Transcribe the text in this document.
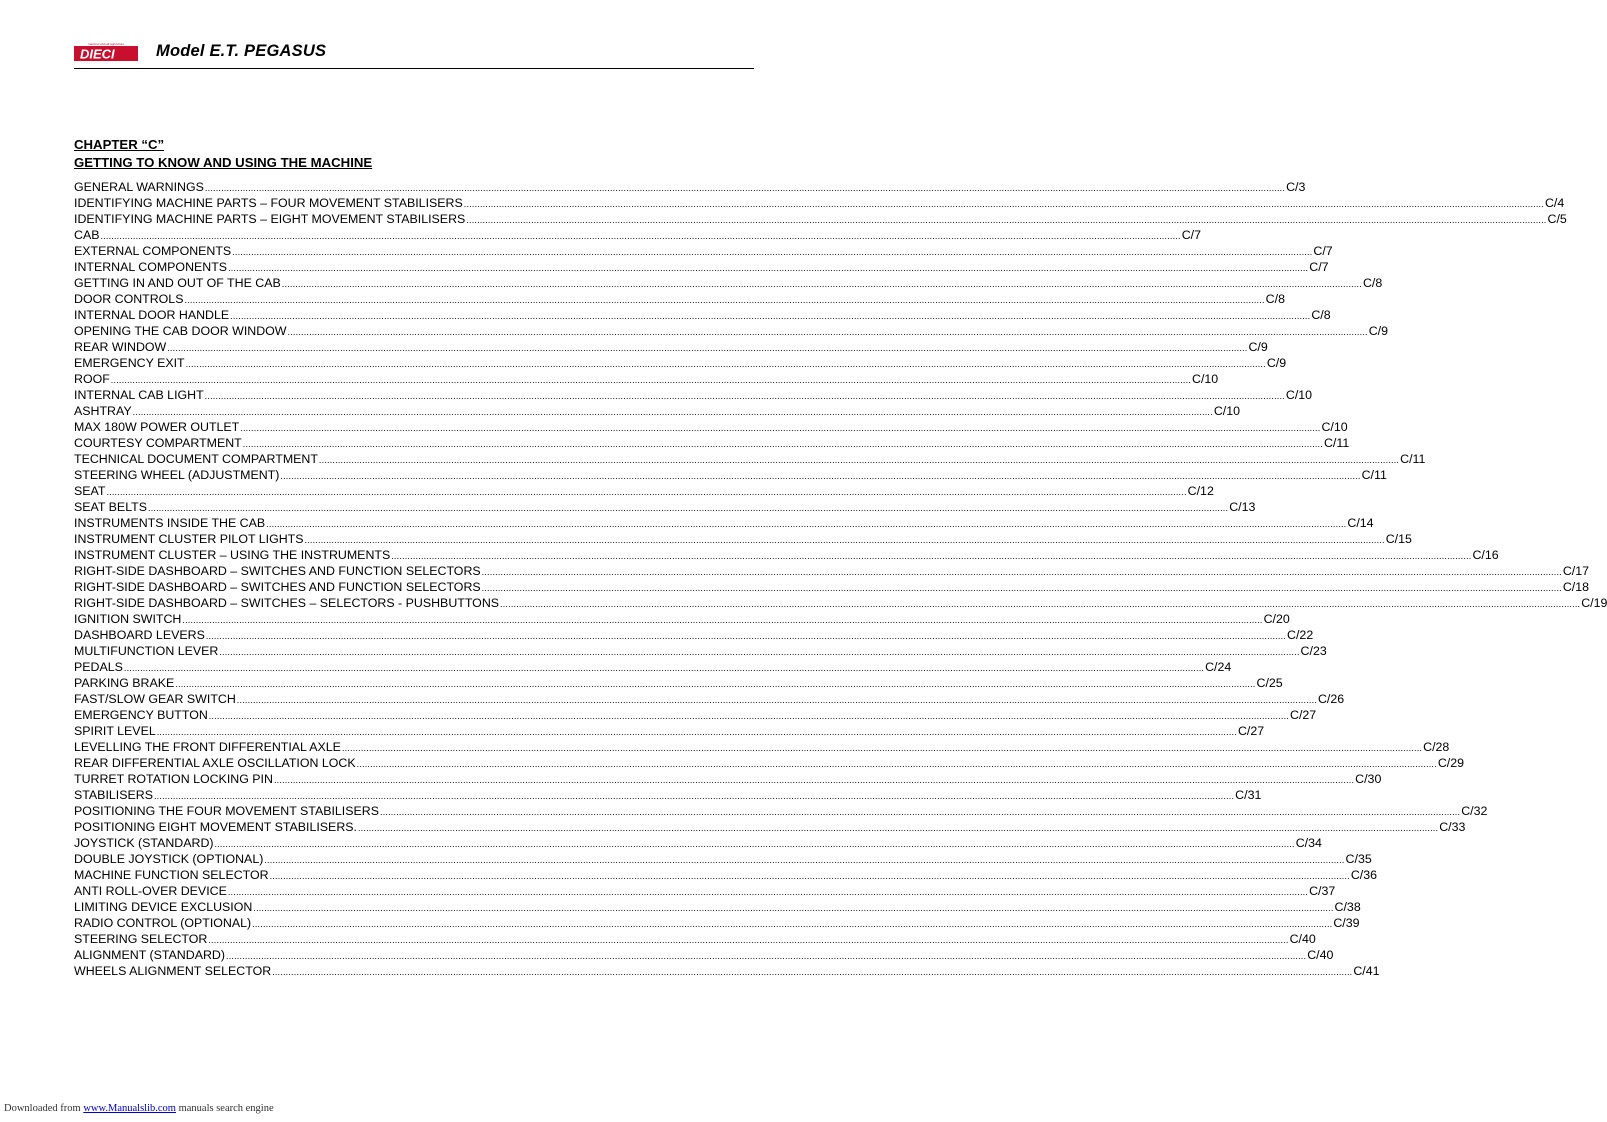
DIECI
machine with all agriculture Model E.T. PEGASUS
CHAPTER “C”
GETTING TO KNOW AND USING THE MACHINE
GENERAL WARNINGS ................................................................................................................................................................................................................................................................................................................................................................................................................ C/3
IDENTIFYING MACHINE PARTS – FOUR MOVEMENT STABILISERS ................................................................................................................................................................................................................................................................................................................................................................................................................ C/4
IDENTIFYING MACHINE PARTS – EIGHT MOVEMENT STABILISERS ................................................................................................................................................................................................................................................................................................................................................................................................................ C/5
CAB ................................................................................................................................................................................................................................................................................................................................................................................................................ C/7
EXTERNAL COMPONENTS ................................................................................................................................................................................................................................................................................................................................................................................................................ C/7
INTERNAL COMPONENTS ................................................................................................................................................................................................................................................................................................................................................................................................................ C/7
GETTING IN AND OUT OF THE CAB ................................................................................................................................................................................................................................................................................................................................................................................................................ C/8
DOOR CONTROLS ................................................................................................................................................................................................................................................................................................................................................................................................................ C/8
INTERNAL DOOR HANDLE ................................................................................................................................................................................................................................................................................................................................................................................................................ C/8
OPENING THE CAB DOOR WINDOW ................................................................................................................................................................................................................................................................................................................................................................................................................ C/9
REAR WINDOW ................................................................................................................................................................................................................................................................................................................................................................................................................ C/9
EMERGENCY EXIT ................................................................................................................................................................................................................................................................................................................................................................................................................ C/9
ROOF ................................................................................................................................................................................................................................................................................................................................................................................................................ C/10
INTERNAL CAB LIGHT ................................................................................................................................................................................................................................................................................................................................................................................................................ C/10
ASHTRAY ................................................................................................................................................................................................................................................................................................................................................................................................................ C/10
MAX 180W POWER OUTLET ................................................................................................................................................................................................................................................................................................................................................................................................................ C/10
COURTESY COMPARTMENT ................................................................................................................................................................................................................................................................................................................................................................................................................ C/11
TECHNICAL DOCUMENT COMPARTMENT ................................................................................................................................................................................................................................................................................................................................................................................................................ C/11
STEERING WHEEL (ADJUSTMENT) ................................................................................................................................................................................................................................................................................................................................................................................................................ C/11
SEAT ................................................................................................................................................................................................................................................................................................................................................................................................................ C/12
SEAT BELTS ................................................................................................................................................................................................................................................................................................................................................................................................................ C/13
INSTRUMENTS INSIDE THE CAB ................................................................................................................................................................................................................................................................................................................................................................................................................ C/14
INSTRUMENT CLUSTER PILOT LIGHTS ................................................................................................................................................................................................................................................................................................................................................................................................................ C/15
INSTRUMENT CLUSTER – USING THE INSTRUMENTS ................................................................................................................................................................................................................................................................................................................................................................................................................ C/16
RIGHT-SIDE DASHBOARD – SWITCHES AND FUNCTION SELECTORS ................................................................................................................................................................................................................................................................................................................................................................................................................ C/17
RIGHT-SIDE DASHBOARD – SWITCHES AND FUNCTION SELECTORS ................................................................................................................................................................................................................................................................................................................................................................................................................ C/18
RIGHT-SIDE DASHBOARD – SWITCHES – SELECTORS - PUSHBUTTONS ................................................................................................................................................................................................................................................................................................................................................................................................................ C/19
IGNITION SWITCH ................................................................................................................................................................................................................................................................................................................................................................................................................ C/20
DASHBOARD LEVERS ................................................................................................................................................................................................................................................................................................................................................................................................................ C/22
MULTIFUNCTION LEVER ................................................................................................................................................................................................................................................................................................................................................................................................................ C/23
PEDALS ................................................................................................................................................................................................................................................................................................................................................................................................................ C/24
PARKING BRAKE ................................................................................................................................................................................................................................................................................................................................................................................................................ C/25
FAST/SLOW GEAR SWITCH ................................................................................................................................................................................................................................................................................................................................................................................................................ C/26
EMERGENCY BUTTON ................................................................................................................................................................................................................................................................................................................................................................................................................ C/27
SPIRIT LEVEL ................................................................................................................................................................................................................................................................................................................................................................................................................ C/27
LEVELLING THE FRONT DIFFERENTIAL AXLE ................................................................................................................................................................................................................................................................................................................................................................................................................ C/28
REAR DIFFERENTIAL AXLE OSCILLATION LOCK ................................................................................................................................................................................................................................................................................................................................................................................................................ C/29
TURRET ROTATION LOCKING PIN ................................................................................................................................................................................................................................................................................................................................................................................................................ C/30
STABILISERS ................................................................................................................................................................................................................................................................................................................................................................................................................ C/31
POSITIONING THE FOUR MOVEMENT STABILISERS ................................................................................................................................................................................................................................................................................................................................................................................................................ C/32
POSITIONING EIGHT MOVEMENT STABILISERS. ................................................................................................................................................................................................................................................................................................................................................................................................................ C/33
JOYSTICK (STANDARD) ................................................................................................................................................................................................................................................................................................................................................................................................................ C/34
DOUBLE JOYSTICK (OPTIONAL) ................................................................................................................................................................................................................................................................................................................................................................................................................ C/35
MACHINE FUNCTION SELECTOR ................................................................................................................................................................................................................................................................................................................................................................................................................ C/36
ANTI ROLL-OVER DEVICE ................................................................................................................................................................................................................................................................................................................................................................................................................ C/37
LIMITING DEVICE EXCLUSION ................................................................................................................................................................................................................................................................................................................................................................................................................ C/38
RADIO CONTROL (OPTIONAL) ................................................................................................................................................................................................................................................................................................................................................................................................................ C/39
STEERING SELECTOR ................................................................................................................................................................................................................................................................................................................................................................................................................ C/40
ALIGNMENT (STANDARD) ................................................................................................................................................................................................................................................................................................................................................................................................................ C/40
WHEELS ALIGNMENT SELECTOR ................................................................................................................................................................................................................................................................................................................................................................................................................ C/41
Downloaded from www.Manualslib.com manuals search engine
